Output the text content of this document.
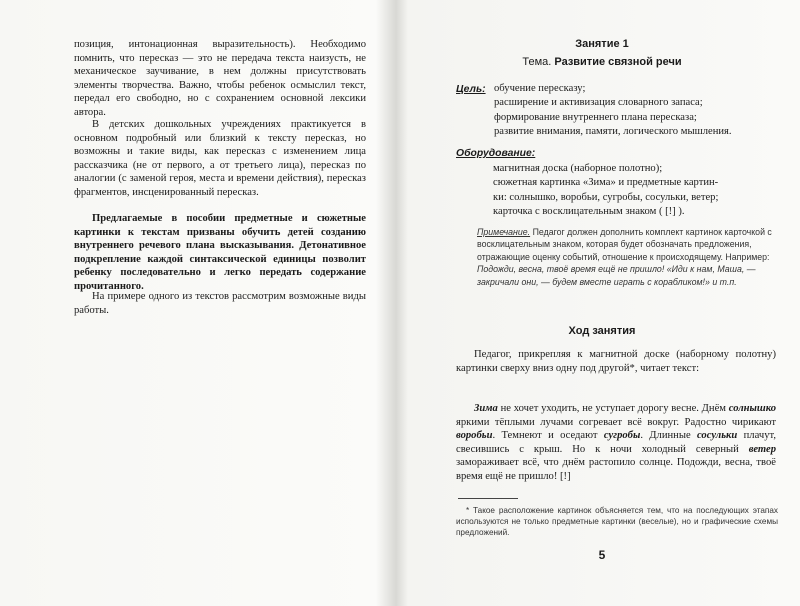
позиция, интонационная выразительность). Необходимо помнить, что пересказ — это не передача текста наизусть, не механическое заучивание, в нем должны присутствовать элементы творчества. Важно, чтобы ребенок осмыслил текст, передал его свободно, но с сохранением основной лексики автора.

В детских дошкольных учреждениях практикуется в основном подробный или близкий к тексту пересказ, но возможны и такие виды, как пересказ с изменением лица рассказчика (не от первого, а от третьего лица), пересказ по аналогии (с заменой героя, места и времени действия), пересказ фрагментов, инсценированный пересказ.

Предлагаемые в пособии предметные и сюжетные картинки к текстам призваны обучить детей созданию внутреннего речевого плана высказывания. Детонативное подкрепление каждой синтаксической единицы позволит ребенку последовательно и легко передать содержание прочитанного.

На примере одного из текстов рассмотрим возможные виды работы.

Занятие 1
Тема. Развитие связной речи
Цель: обучение пересказу;
расширение и активизация словарного запаса;
формирование внутреннего плана пересказа;
развитие внимания, памяти, логического мышления.
Оборудование:
магнитная доска (наборное полотно);
сюжетная картинка «Зима» и предметные картин-
ки: солнышко, воробьи, сугробы, сосульки, ветер;
карточка с восклицательным знаком ( [!] ).
Примечание. Педагог должен дополнить комплект картинок карточкой с восклицательным знаком, которая будет обозначать предложения, отражающие оценку событий, отношение к происходящему. Например: Подожди, весна, твоё время ещё не пришло! «Иди к нам, Маша, — закричали они, — будем вместе играть с корабликом!» и т.п.
Ход занятия

Педагог, прикрепляя к магнитной доске (наборному полотну) картинки сверху вниз одну под другой*, читает текст:

Зима не хочет уходить, не уступает дорогу весне. Днём солнышко яркими тёплыми лучами согревает всё вокруг. Радостно чирикают воробьи. Темнеют и оседают сугробы. Длинные сосульки плачут, свесившись с крыш. Но к ночи холодный северный ветер замораживает всё, что днём растопило солнце. Подожди, весна, твоё время ещё не пришло! [!]

* Такое расположение картинок объясняется тем, что на последующих этапах используются не только предметные картинки (веселые), но и графические схемы предложений.
5
